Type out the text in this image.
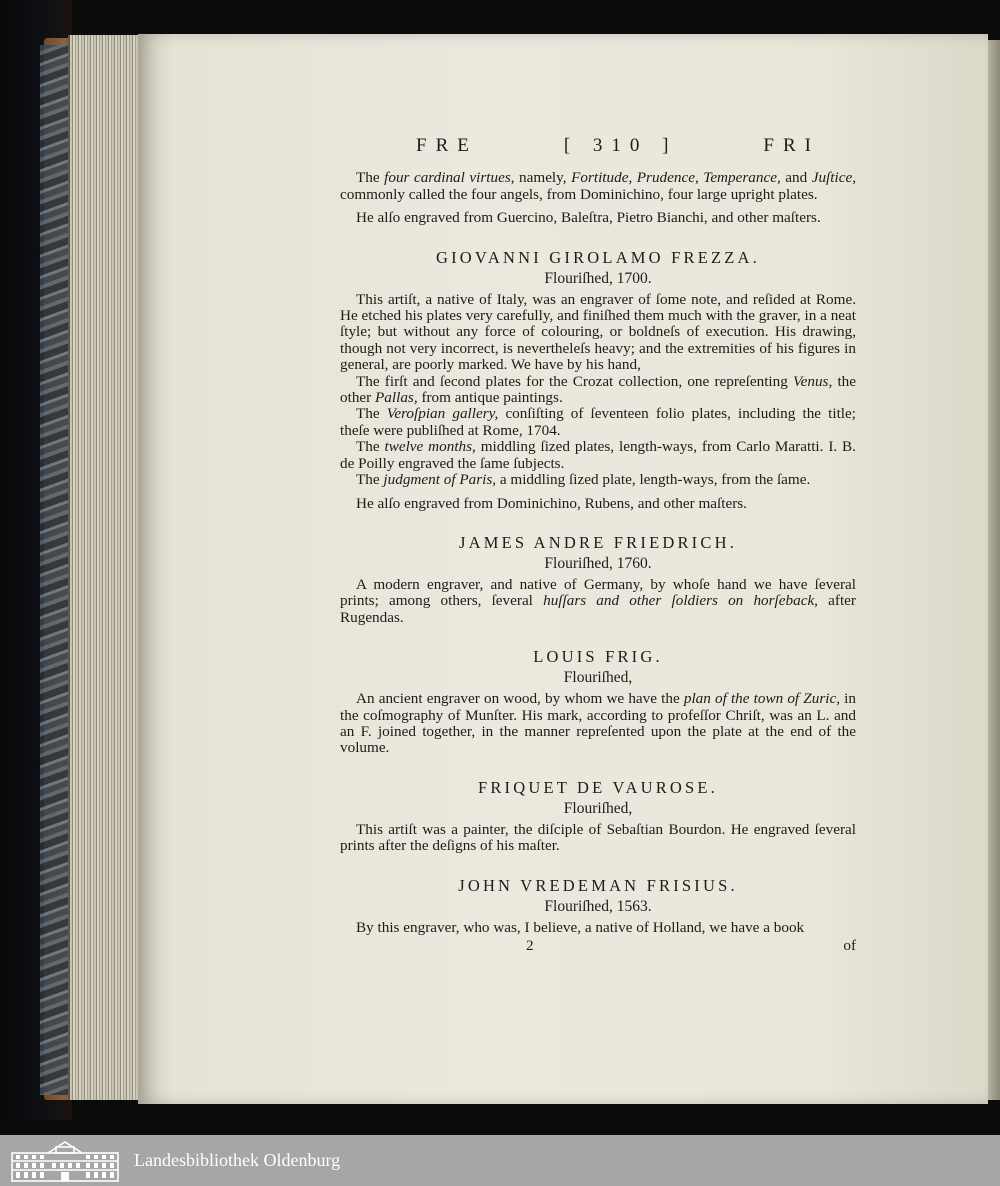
FRE	[ 310 ]	FRI

The four cardinal virtues, namely, Fortitude, Prudence, Temperance, and Juſtice, commonly called the four angels, from Dominichino, four large upright plates.

He alſo engraved from Guercino, Baleſtra, Pietro Bianchi, and other maſters.

GIOVANNI GIROLAMO FREZZA.
Flouriſhed, 1700.

This artiſt, a native of Italy, was an engraver of ſome note, and reſided at Rome. He etched his plates very carefully, and finiſhed them much with the graver, in a neat ſtyle; but without any force of colouring, or boldneſs of execution. His drawing, though not very incorrect, is nevertheleſs heavy; and the extremities of his figures in general, are poorly marked. We have by his hand,

The firſt and ſecond plates for the Crozat collection, one repreſenting Venus, the other Pallas, from antique paintings.

The Veroſpian gallery, conſiſting of ſeventeen folio plates, including the title; theſe were publiſhed at Rome, 1704.

The twelve months, middling ſized plates, length-ways, from Carlo Maratti. I. B. de Poilly engraved the ſame ſubjects.

The judgment of Paris, a middling ſized plate, length-ways, from the ſame.

He alſo engraved from Dominichino, Rubens, and other maſters.

JAMES ANDRE FRIEDRICH.
Flouriſhed, 1760.

A modern engraver, and native of Germany, by whoſe hand we have ſeveral prints; among others, ſeveral huſſars and other ſoldiers on horſeback, after Rugendas.

LOUIS FRIG.
Flouriſhed,

An ancient engraver on wood, by whom we have the plan of the town of Zuric, in the coſmography of Munſter. His mark, according to profeſſor Chriſt, was an L. and an F. joined together, in the manner repreſented upon the plate at the end of the volume.

FRIQUET DE VAUROSE.
Flouriſhed,

This artiſt was a painter, the diſciple of Sebaſtian Bourdon. He engraved ſeveral prints after the deſigns of his maſter.

JOHN VREDEMAN FRISIUS.
Flouriſhed, 1563.

By this engraver, who was, I believe, a native of Holland, we have a book

2	of
Landesbibliothek Oldenburg
